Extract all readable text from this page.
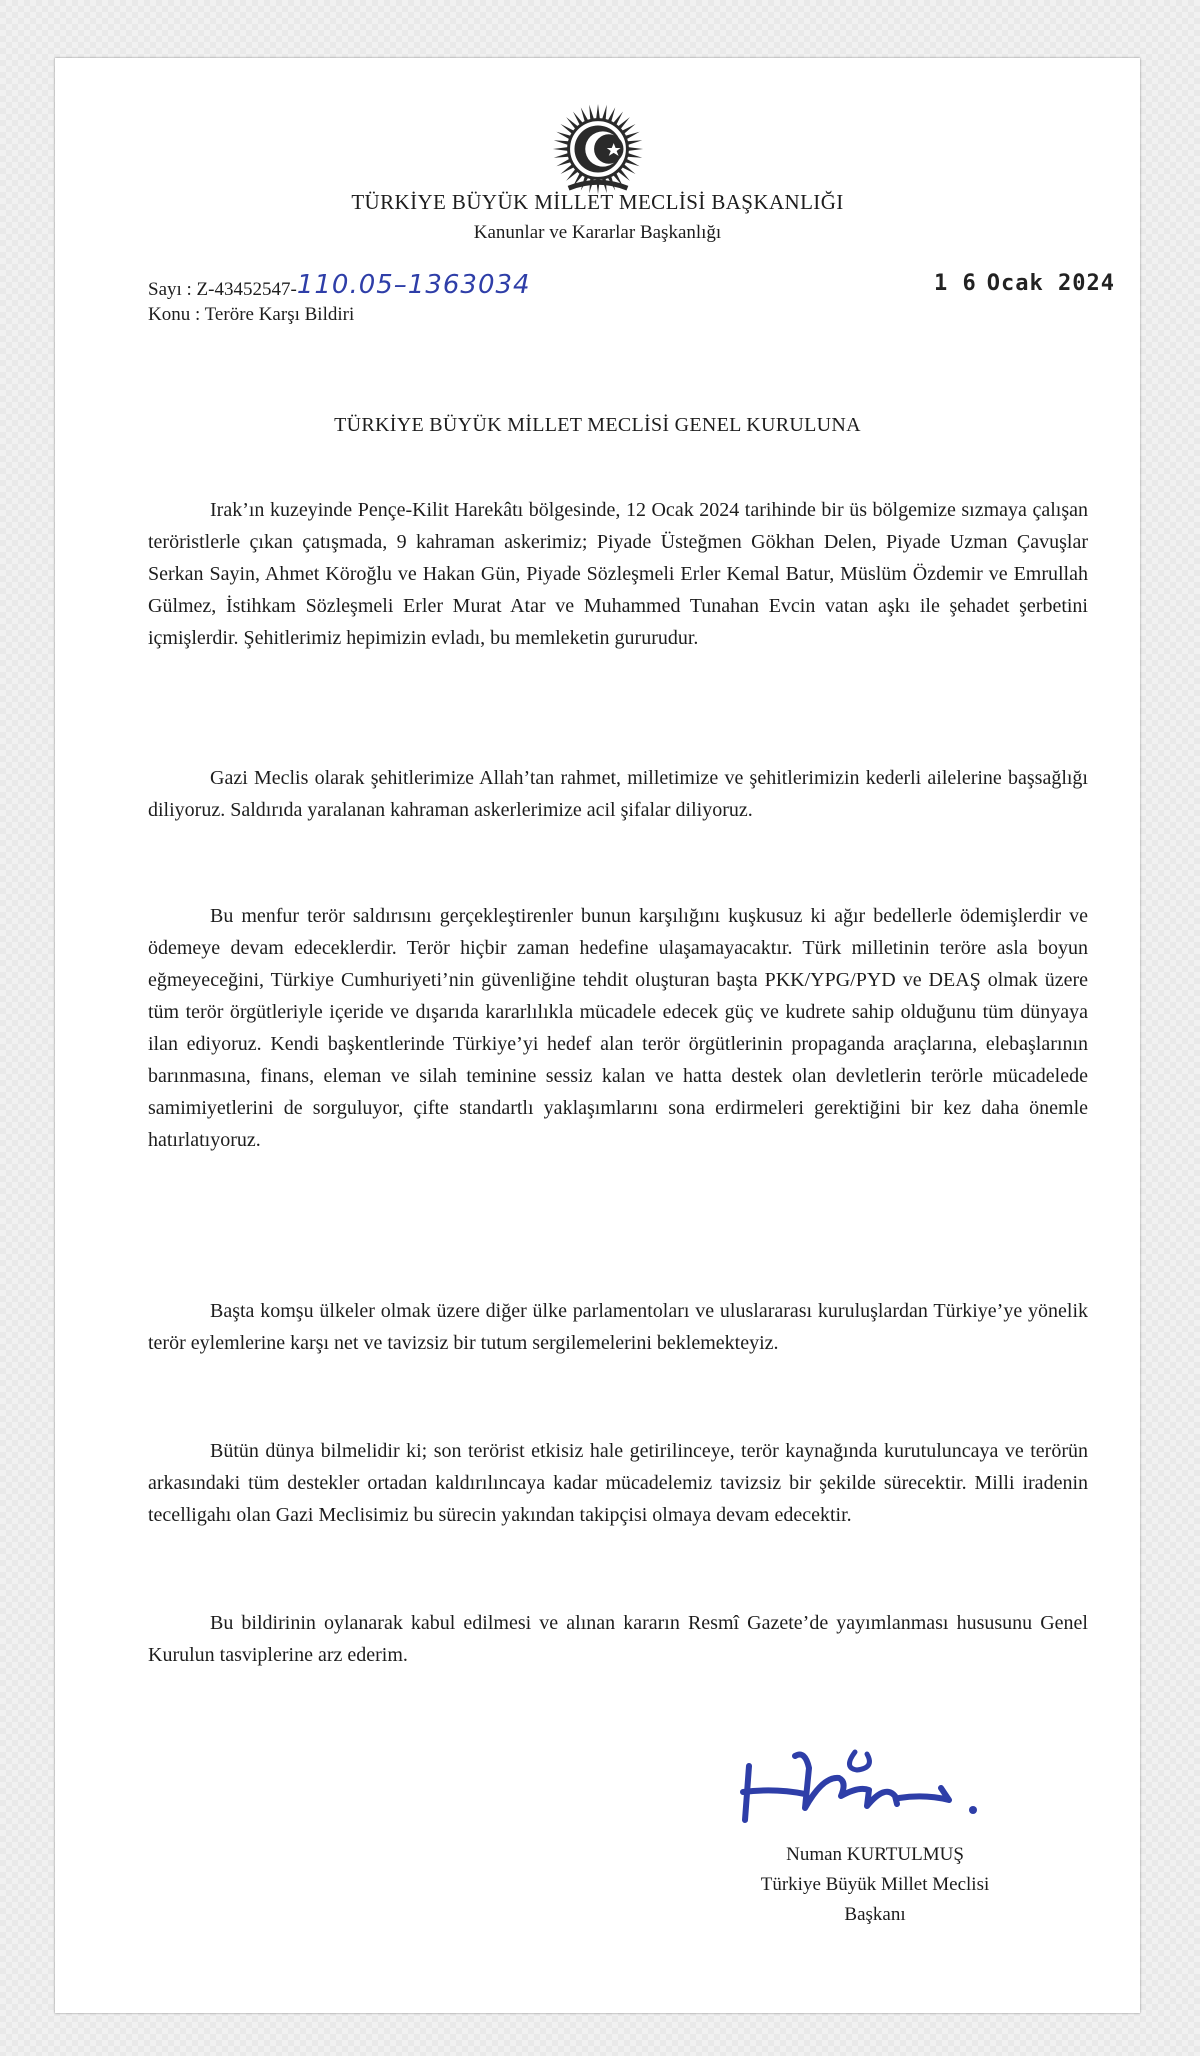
TÜRKİYE BÜYÜK MİLLET MECLİSİ BAŞKANLIĞI
Kanunlar ve Kararlar Başkanlığı
Sayı : Z-43452547-110.05–1363034
Konu : Teröre Karşı Bildiri
1 6 Ocak 2024
TÜRKİYE BÜYÜK MİLLET MECLİSİ GENEL KURULUNA

Irak’ın kuzeyinde Pençe-Kilit Harekâtı bölgesinde, 12 Ocak 2024 tarihinde bir üs bölgemize sızmaya çalışan teröristlerle çıkan çatışmada, 9 kahraman askerimiz; Piyade Üsteğmen Gökhan Delen, Piyade Uzman Çavuşlar Serkan Sayin, Ahmet Köroğlu ve Hakan Gün, Piyade Sözleşmeli Erler Kemal Batur, Müslüm Özdemir ve Emrullah Gülmez, İstihkam Sözleşmeli Erler Murat Atar ve Muhammed Tunahan Evcin vatan aşkı ile şehadet şerbetini içmişlerdir. Şehitlerimiz hepimizin evladı, bu memleketin gururudur.

Gazi Meclis olarak şehitlerimize Allah’tan rahmet, milletimize ve şehitlerimizin kederli ailelerine başsağlığı diliyoruz. Saldırıda yaralanan kahraman askerlerimize acil şifalar diliyoruz.

Bu menfur terör saldırısını gerçekleştirenler bunun karşılığını kuşkusuz ki ağır bedellerle ödemişlerdir ve ödemeye devam edeceklerdir. Terör hiçbir zaman hedefine ulaşamayacaktır. Türk milletinin teröre asla boyun eğmeyeceğini, Türkiye Cumhuriyeti’nin güvenliğine tehdit oluşturan başta PKK/YPG/PYD ve DEAŞ olmak üzere tüm terör örgütleriyle içeride ve dışarıda kararlılıkla mücadele edecek güç ve kudrete sahip olduğunu tüm dünyaya ilan ediyoruz. Kendi başkentlerinde Türkiye’yi hedef alan terör örgütlerinin propaganda araçlarına, elebaşlarının barınmasına, finans, eleman ve silah teminine sessiz kalan ve hatta destek olan devletlerin terörle mücadelede samimiyetlerini de sorguluyor, çifte standartlı yaklaşımlarını sona erdirmeleri gerektiğini bir kez daha önemle hatırlatıyoruz.

Başta komşu ülkeler olmak üzere diğer ülke parlamentoları ve uluslararası kuruluşlardan Türkiye’ye yönelik terör eylemlerine karşı net ve tavizsiz bir tutum sergilemelerini beklemekteyiz.

Bütün dünya bilmelidir ki; son terörist etkisiz hale getirilinceye, terör kaynağında kurutuluncaya ve terörün arkasındaki tüm destekler ortadan kaldırılıncaya kadar mücadelemiz tavizsiz bir şekilde sürecektir. Milli iradenin tecelligahı olan Gazi Meclisimiz bu sürecin yakından takipçisi olmaya devam edecektir.

Bu bildirinin oylanarak kabul edilmesi ve alınan kararın Resmî Gazete’de yayımlanması hususunu Genel Kurulun tasviplerine arz ederim.

Numan KURTULMUŞ
Türkiye Büyük Millet Meclisi
Başkanı
